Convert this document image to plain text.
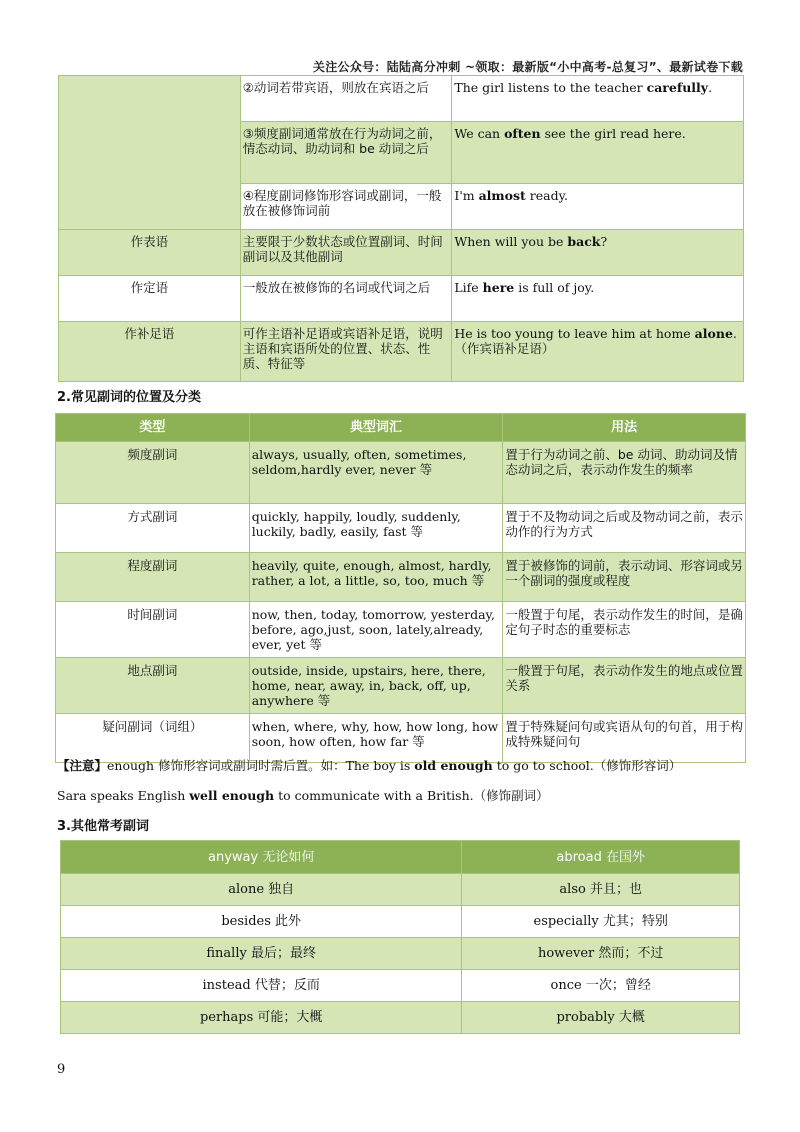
关注公众号：陆陆高分冲刺 ~领取：最新版“小中高考-总复习”、最新试卷下载
	②动词若带宾语，则放在宾语之后	The girl listens to the teacher carefully.
	③频度副词通常放在行为动词之前，情态动词、助动词和 be 动词之后	We can often see the girl read here.
	④程度副词修饰形容词或副词，一般放在被修饰词前	I'm almost ready.
作表语	主要限于少数状态或位置副词、时间副词以及其他副词	When will you be back?
作定语	一般放在被修饰的名词或代词之后	Life here is full of joy.
作补足语	可作主语补足语或宾语补足语，说明主语和宾语所处的位置、状态、性质、特征等	He is too young to leave him at home alone.（作宾语补足语）
2.常见副词的位置及分类
类型	典型词汇	用法
频度副词	always, usually, often, sometimes, seldom,hardly ever, never 等	置于行为动词之前、be 动词、助动词及情态动词之后，表示动作发生的频率
方式副词	quickly, happily, loudly, suddenly, luckily, badly, easily, fast 等	置于不及物动词之后或及物动词之前，表示动作的行为方式
程度副词	heavily, quite, enough, almost, hardly, rather, a lot, a little, so, too, much 等	置于被修饰的词前，表示动词、形容词或另一个副词的强度或程度
时间副词	now, then, today, tomorrow, yesterday, before, ago,just, soon, lately,already, ever, yet 等	一般置于句尾，表示动作发生的时间，是确定句子时态的重要标志
地点副词	outside, inside, upstairs, here, there, home, near, away, in, back, off, up, anywhere 等	一般置于句尾，表示动作发生的地点或位置关系
疑问副词（词组）	when, where, why, how, how long, how soon, how often, how far 等	置于特殊疑问句或宾语从句的句首，用于构成特殊疑问句
【注意】enough 修饰形容词或副词时需后置。如：The boy is old enough to go to school.（修饰形容词）
Sara speaks English well enough to communicate with a British.（修饰副词）
3.其他常考副词
anyway 无论如何	abroad 在国外
alone 独自	also 并且；也
besides 此外	especially 尤其；特别
finally 最后；最终	however 然而；不过
instead 代替；反而	once 一次；曾经
perhaps 可能；大概	probably 大概
9
